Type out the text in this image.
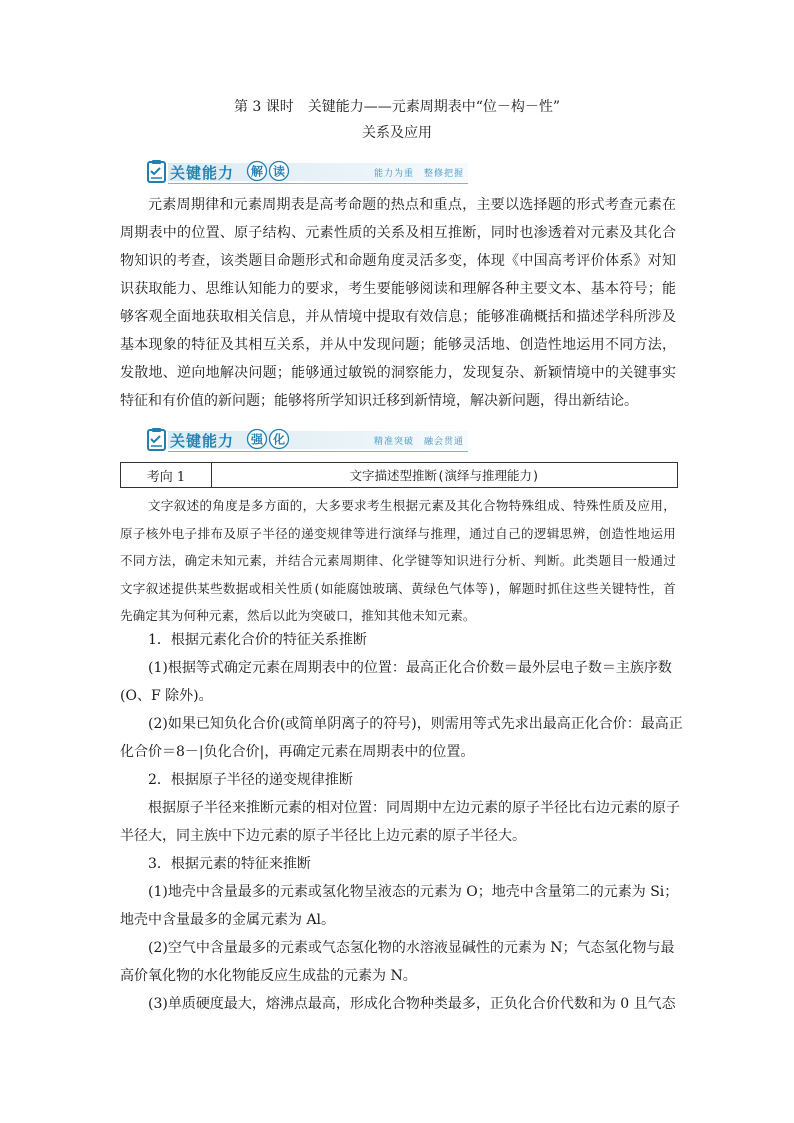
第 3 课时　关键能力——元素周期表中“位－构－性”
关系及应用
关键能力 解 读	能力为重　整修把握

元素周期律和元素周期表是高考命题的热点和重点，主要以选择题的形式考查元素在周期表中的位置、原子结构、元素性质的关系及相互推断，同时也渗透着对元素及其化合物知识的考查，该类题目命题形式和命题角度灵活多变，体现《中国高考评价体系》对知识获取能力、思维认知能力的要求，考生要能够阅读和理解各种主要文本、基本符号；能够客观全面地获取相关信息，并从情境中提取有效信息；能够准确概括和描述学科所涉及基本现象的特征及其相互关系，并从中发现问题；能够灵活地、创造性地运用不同方法，发散地、逆向地解决问题；能够通过敏锐的洞察能力，发现复杂、新颖情境中的关键事实特征和有价值的新问题；能够将所学知识迁移到新情境，解决新问题，得出新结论。

关键能力 强 化	精准突破　融会贯通
考向 1	文字描述型推断(演绎与推理能力)

文字叙述的角度是多方面的，大多要求考生根据元素及其化合物特殊组成、特殊性质及应用，原子核外电子排布及原子半径的递变规律等进行演绎与推理，通过自己的逻辑思辨，创造性地运用不同方法，确定未知元素，并结合元素周期律、化学键等知识进行分析、判断。此类题目一般通过文字叙述提供某些数据或相关性质(如能腐蚀玻璃、黄绿色气体等)，解题时抓住这些关键特性，首先确定其为何种元素，然后以此为突破口，推知其他未知元素。

1．根据元素化合价的特征关系推断
(1)根据等式确定元素在周期表中的位置：最高正化合价数＝最外层电子数＝主族序数
(O、F 除外)。
(2)如果已知负化合价(或简单阴离子的符号)，则需用等式先求出最高正化合价：最高正
化合价＝8－|负化合价|，再确定元素在周期表中的位置。
2．根据原子半径的递变规律推断
根据原子半径来推断元素的相对位置：同周期中左边元素的原子半径比右边元素的原子
半径大，同主族中下边元素的原子半径比上边元素的原子半径大。
3．根据元素的特征来推断
(1)地壳中含量最多的元素或氢化物呈液态的元素为 O；地壳中含量第二的元素为 Si；
地壳中含量最多的金属元素为 Al。
(2)空气中含量最多的元素或气态氢化物的水溶液显碱性的元素为 N；气态氢化物与最
高价氧化物的水化物能反应生成盐的元素为 N。
(3)单质硬度最大，熔沸点最高，形成化合物种类最多，正负化合价代数和为 0 且气态
